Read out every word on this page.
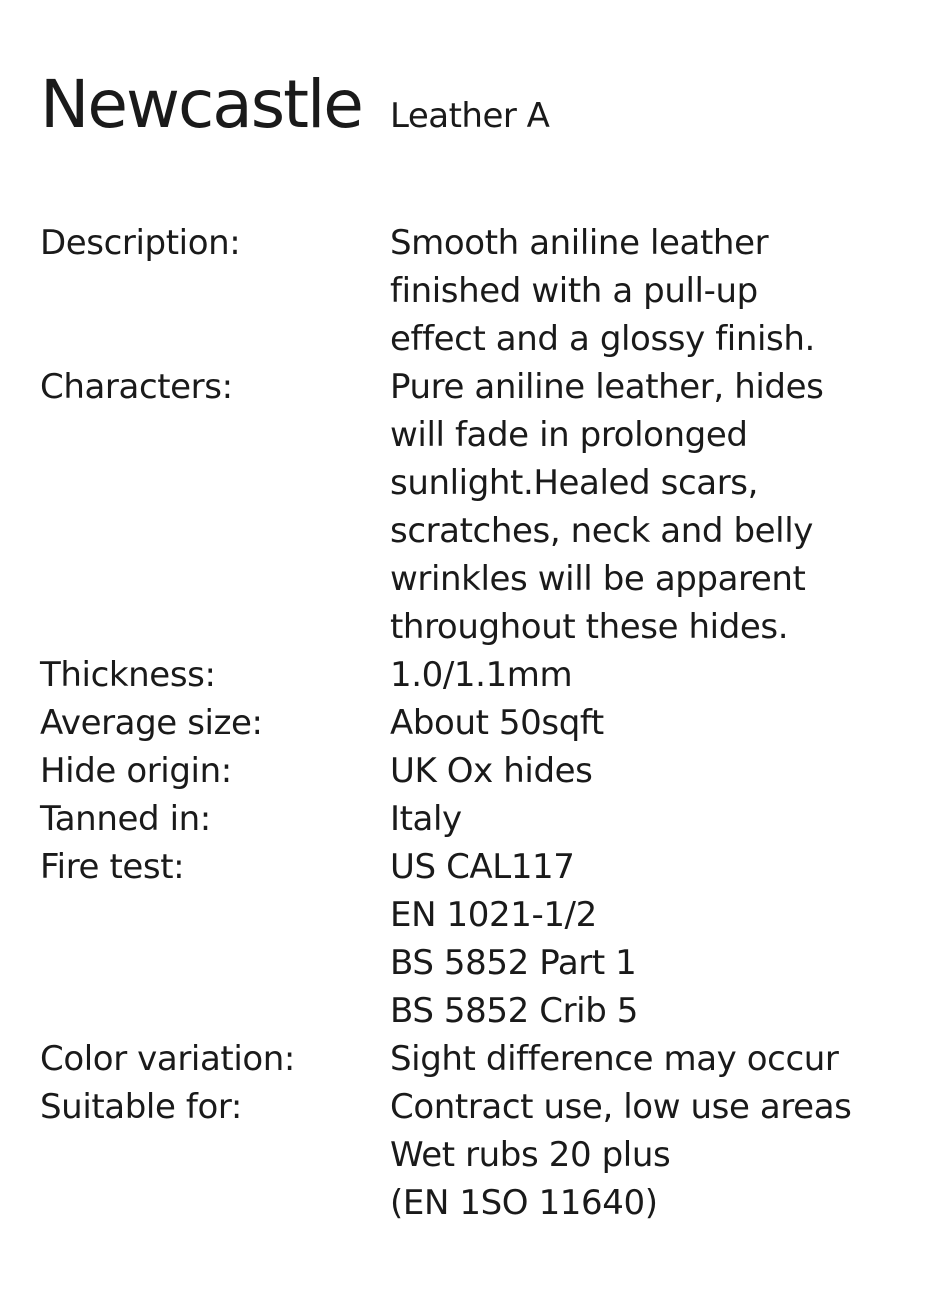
Newcastle Leather A
Description:	Smooth aniline leather
finished with a pull-up
effect and a glossy finish.
Characters:	Pure aniline leather, hides
will fade in prolonged
sunlight.Healed scars,
scratches, neck and belly
wrinkles will be apparent
throughout these hides.
Thickness:	1.0/1.1mm
Average size:	About 50sqft
Hide origin:	UK Ox hides
Tanned in:	Italy
Fire test:	US CAL117
EN 1021-1/2
BS 5852 Part 1
BS 5852 Crib 5
Color variation:	Sight difference may occur
Suitable for:	Contract use, low use areas
Wet rubs 20 plus
(EN 1SO 11640)
